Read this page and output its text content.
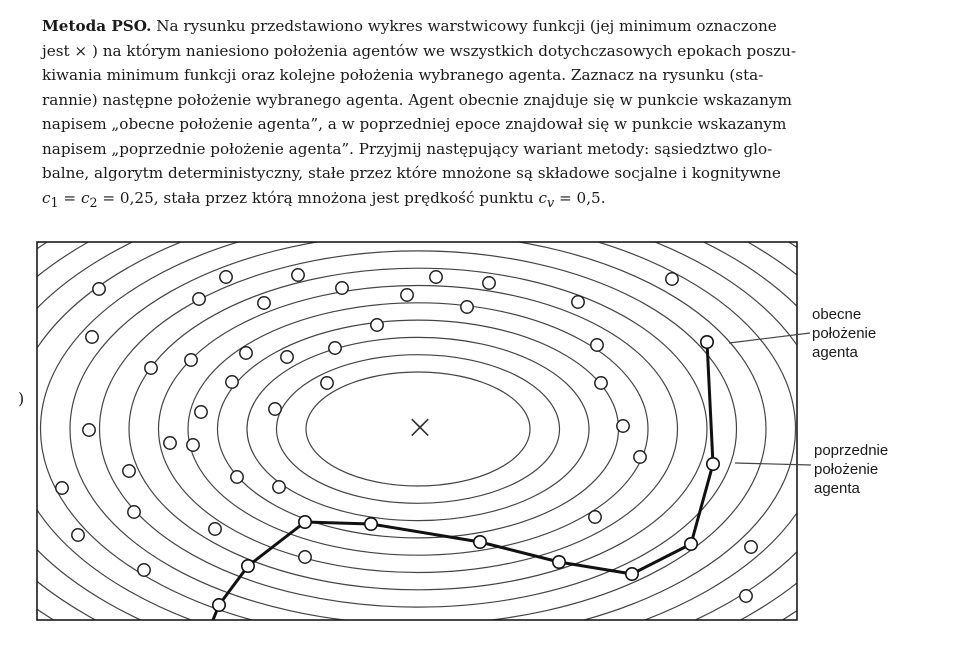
Metoda PSO. Na rysunku przedstawiono wykres warstwicowy funkcji (jej minimum oznaczone
jest × ) na którym naniesiono położenia agentów we wszystkich dotychczasowych epokach poszu-
kiwania minimum funkcji oraz kolejne położenia wybranego agenta. Zaznacz na rysunku (sta-
rannie) następne położenie wybranego agenta. Agent obecnie znajduje się w punkcie wskazanym
napisem „obecne położenie agenta”, a w poprzedniej epoce znajdował się w punkcie wskazanym
napisem „poprzednie położenie agenta”. Przyjmij następujący wariant metody: sąsiedztwo glo-
balne, algorytm deterministyczny, stałe przez które mnożone są składowe socjalne i kognitywne
$c_1 = c_2 = 0,25$, stała przez którą mnożona jest prędkość punktu $c_v = 0,5$.
×
)
obecne położenie agenta
poprzednie położenie agenta
